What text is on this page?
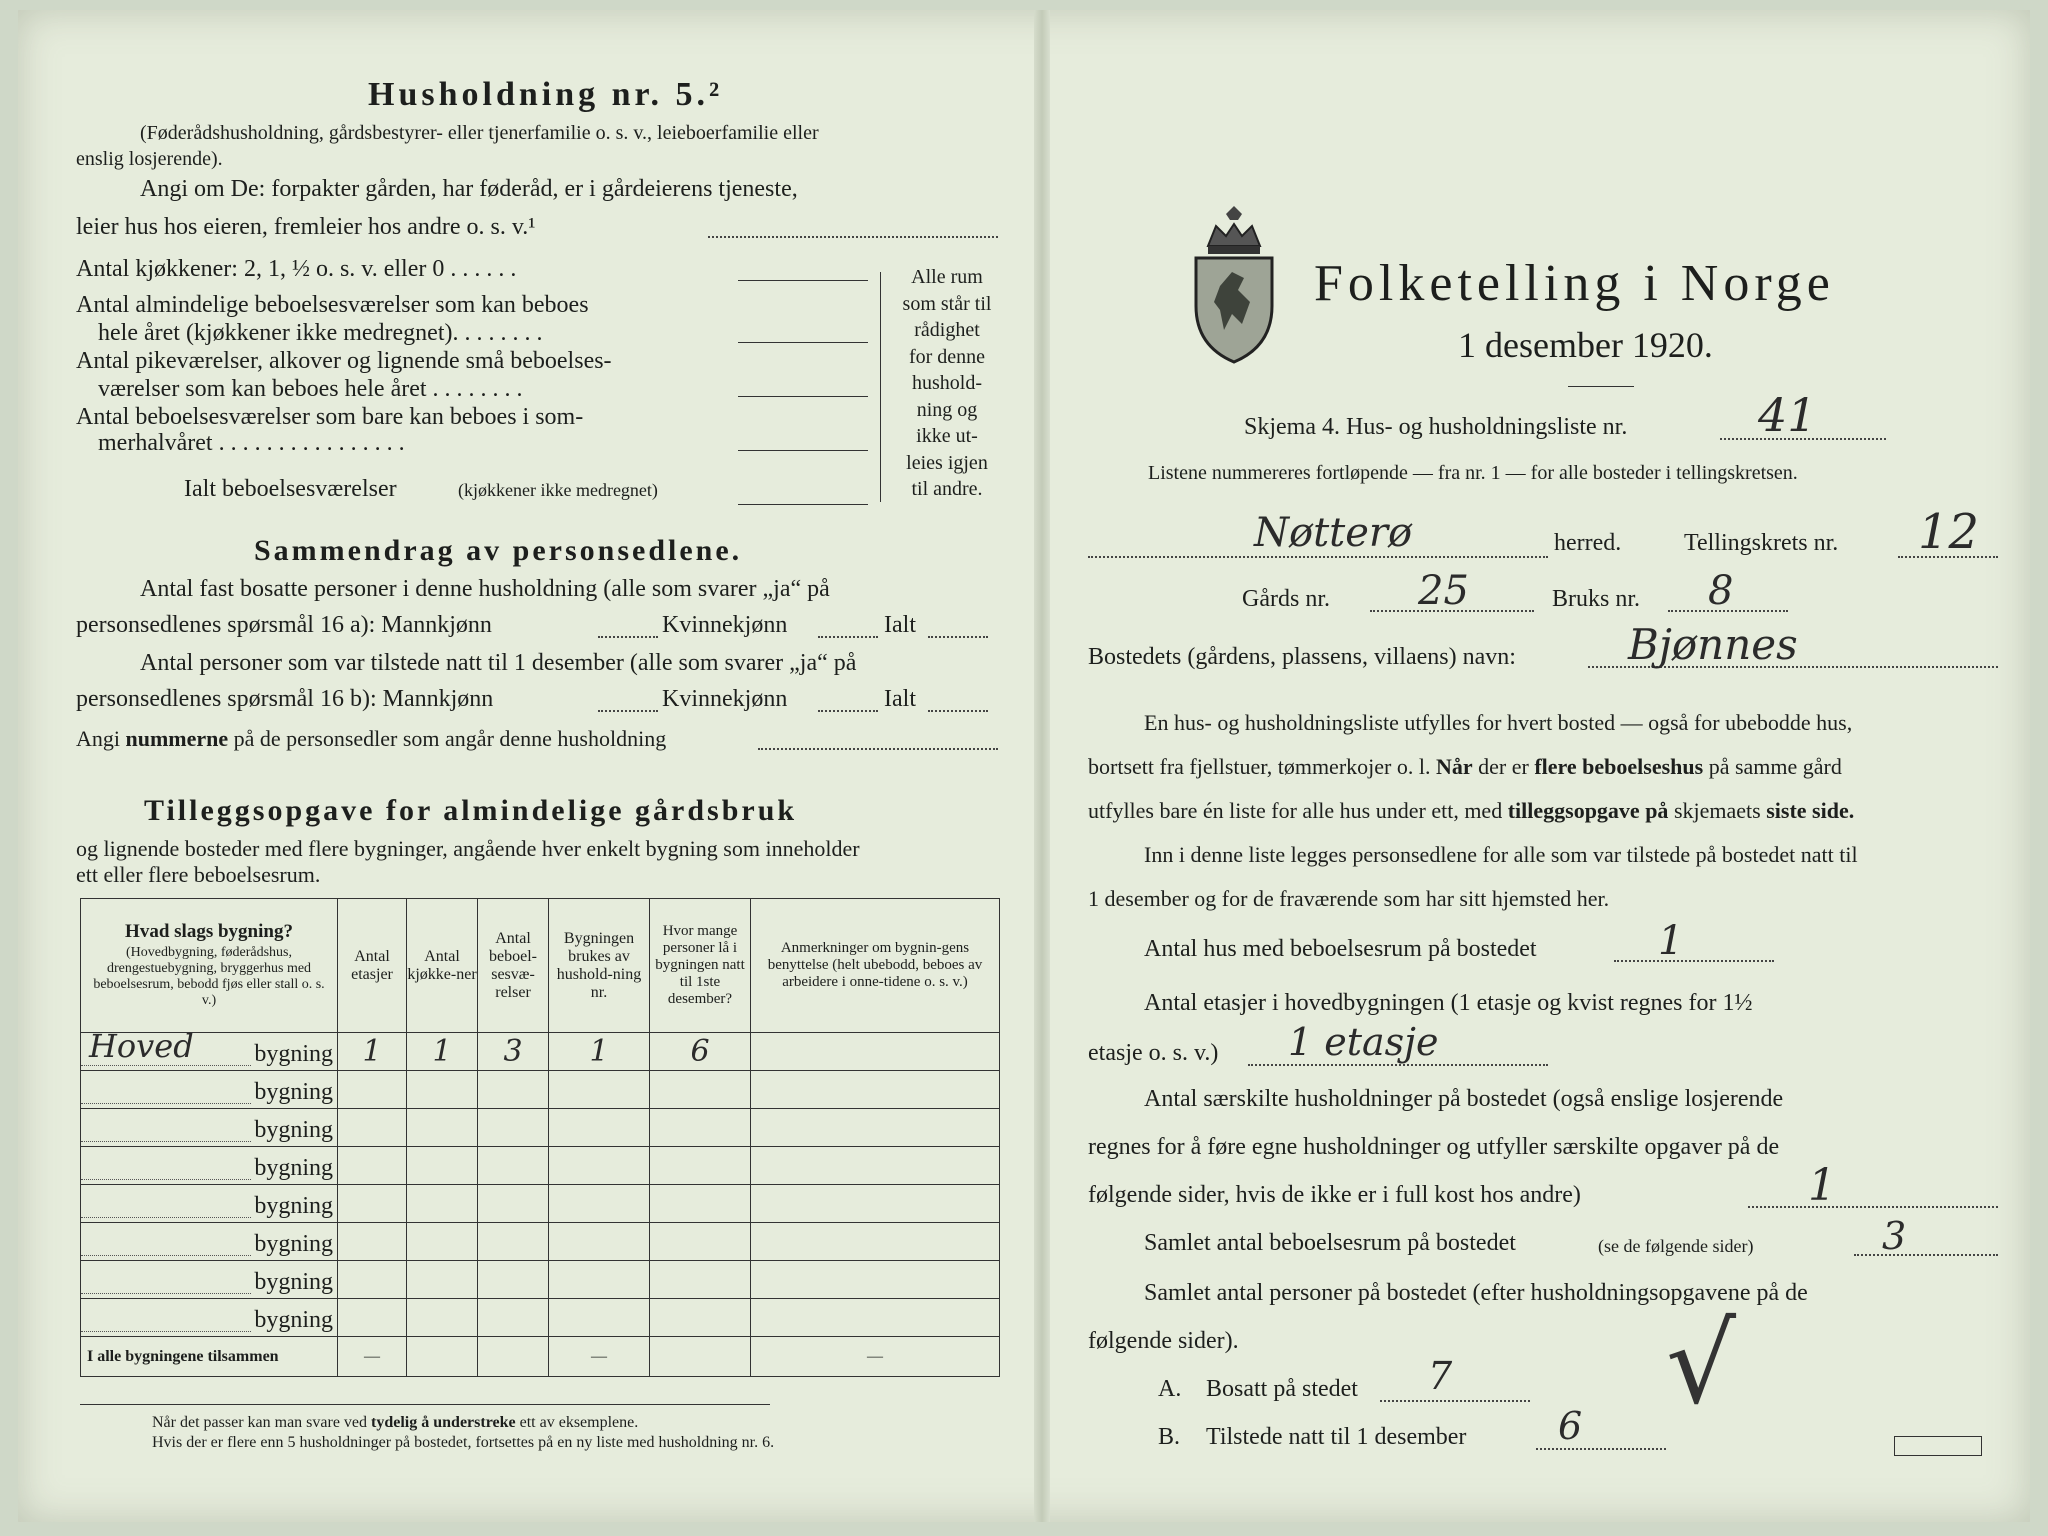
Husholdning nr. 5.²
(Føderådshusholdning, gårdsbestyrer- eller tjenerfamilie o. s. v., leieboerfamilie eller
enslig losjerende).
Angi om De: forpakter gården, har føderåd, er i gårdeierens tjeneste,
leier hus hos eieren, fremleier hos andre o. s. v.¹
Antal kjøkkener: 2, 1, ½ o. s. v. eller 0 . . . . . .
Antal almindelige beboelsesværelser som kan beboes
hele året (kjøkkener ikke medregnet). . . . . . . .
Antal pikeværelser, alkover og lignende små beboelses-
værelser som kan beboes hele året . . . . . . . .
Antal beboelsesværelser som bare kan beboes i som-
merhalvåret . . . . . . . . . . . . . . . .
Ialt beboelsesværelser	(kjøkkener ikke medregnet)
Alle rum
som står til
rådighet
for denne
hushold-
ning og
ikke ut-
leies igjen
til andre.
Sammendrag av personsedlene.
Antal fast bosatte personer i denne husholdning (alle som svarer „ja“ på
personsedlenes spørsmål 16 a): Mannkjønn	Kvinnekjønn	Ialt
Antal personer som var tilstede natt til 1 desember (alle som svarer „ja“ på
personsedlenes spørsmål 16 b): Mannkjønn	Kvinnekjønn	Ialt
Angi nummerne på de personsedler som angår denne husholdning
Tilleggsopgave for almindelige gårdsbruk
og lignende bosteder med flere bygninger, angående hver enkelt bygning som inneholder
ett eller flere beboelsesrum.
Hvad slags bygning?
(Hovedbygning, føderådshus, drengestuebygning, bryggerhus med beboelsesrum, bebodd fjøs eller stall o. s. v.)	Antal etasjer	Antal kjøkke-ner	Antal beboel-sesvæ-relser	Bygningen brukes av hushold-ning nr.	Hvor mange personer lå i bygningen natt til 1ste desember?	Anmerkninger om bygnin-gens benyttelse (helt ubebodd, beboes av arbeidere i onne-tidene o. s. v.)

Hoved bygning	1	1	3	1	6	

bygning						

bygning						

bygning						

bygning						

bygning						

bygning						

bygning						

I alle bygningene tilsammen	—			—		—
Når det passer kan man svare ved tydelig å understreke ett av eksemplene.
Hvis der er flere enn 5 husholdninger på bostedet, fortsettes på en ny liste med husholdning nr. 6.
Folketelling i Norge
1 desember 1920.
Skjema 4. Hus- og husholdningsliste nr.	41
Listene nummereres fortløpende — fra nr. 1 — for alle bosteder i tellingskretsen.
Nøtterø	herred.	Tellingskrets nr. 12
Gårds nr. 25	Bruks nr. 8
Bostedets (gårdens, plassens, villaens) navn:	Bjønnes
En hus- og husholdningsliste utfylles for hvert bosted — også for ubebodde hus,
bortsett fra fjellstuer, tømmerkojer o. l. Når der er flere beboelseshus på samme gård
utfylles bare én liste for alle hus under ett, med tilleggsopgave på skjemaets siste side.
Inn i denne liste legges personsedlene for alle som var tilstede på bostedet natt til
1 desember og for de fraværende som har sitt hjemsted her.
Antal hus med beboelsesrum på bostedet	1
Antal etasjer i hovedbygningen (1 etasje og kvist regnes for 1½
etasje o. s. v.) 1 etasje
Antal særskilte husholdninger på bostedet (også enslige losjerende
regnes for å føre egne husholdninger og utfyller særskilte opgaver på de
følgende sider, hvis de ikke er i full kost hos andre)	1
Samlet antal beboelsesrum på bostedet	(se de følgende sider)	3
Samlet antal personer på bostedet (efter husholdningsopgavene på de
følgende sider).
A. Bosatt på stedet 7
B. Tilstede natt til 1 desember 6 √
